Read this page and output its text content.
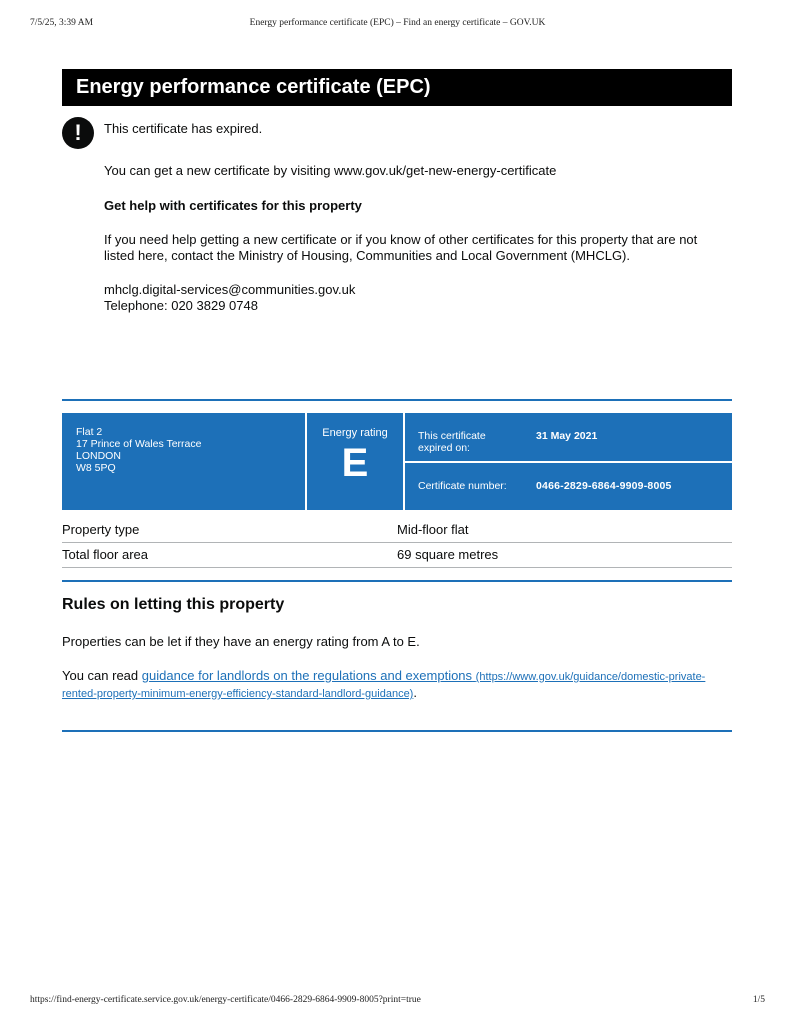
7/5/25, 3:39 AM	Energy performance certificate (EPC) – Find an energy certificate – GOV.UK
Energy performance certificate (EPC)
!	This certificate has expired.

You can get a new certificate by visiting www.gov.uk/get-new-energy-certificate

Get help with certificates for this property

If you need help getting a new certificate or if you know of other certificates for this property that are not listed here, contact the Ministry of Housing, Communities and Local Government (MHCLG).

mhclg.digital-services@communities.gov.uk
Telephone: 020 3829 0748

Flat 2
17 Prince of Wales Terrace
LONDON
W8 5PQ
Energy rating
E
This certificate expired on:
31 May 2021
Certificate number:	0466-2829-6864-9909-8005
Property type	Mid-floor flat
Total floor area	69 square metres
Rules on letting this property

Properties can be let if they have an energy rating from A to E.

You can read guidance for landlords on the regulations and exemptions (https://www.gov.uk/guidance/domestic-private-rented-property-minimum-energy-efficiency-standard-landlord-guidance).

https://find-energy-certificate.service.gov.uk/energy-certificate/0466-2829-6864-9909-8005?print=true	1/5
